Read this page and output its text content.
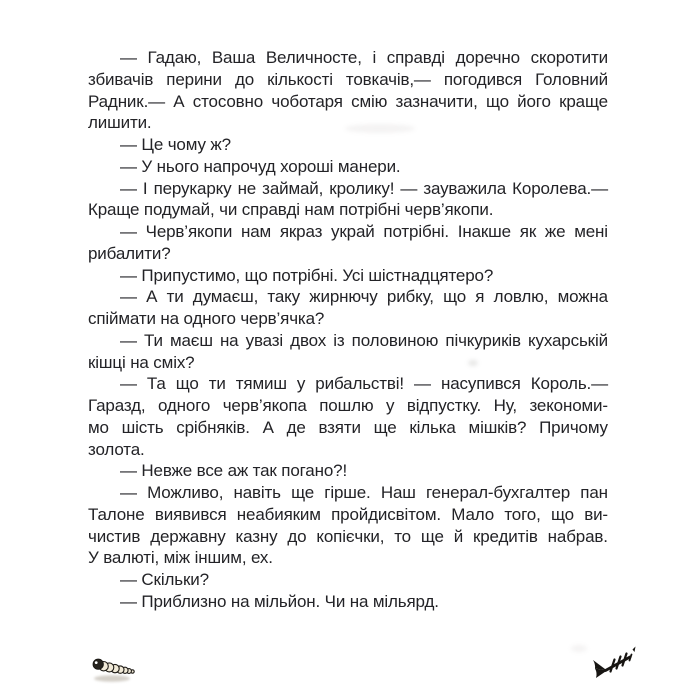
— Гадаю, Ваша Величносте, і справді доречно скоротити
збивачів перини до кількості товкачів,— погодився Головний
Радник.— А стосовно чоботаря смію зазначити, що його краще
лишити.
— Це чому ж?
— У нього напрочуд хороші манери.
— І перукарку не займай, кролику! — зауважила Королева.—
Краще подумай, чи справді нам потрібні черв’якопи.
— Черв’якопи нам якраз украй потрібні. Інакше як же мені
рибалити?
— Припустимо, що потрібні. Усі шістнадцятеро?
— А ти думаєш, таку жирнючу рибку, що я ловлю, можна
спіймати на одного черв’ячка?
— Ти маєш на увазі двох із половиною пічкуриків кухарській
кішці на сміх?
— Та що ти тямиш у рибальстві! — насупився Король.—
Гаразд, одного черв’якопа пошлю у відпустку. Ну, зекономи-
мо шість срібняків. А де взяти ще кілька мішків? Причому
золота.
— Невже все аж так погано?!
— Можливо, навіть ще гірше. Наш генерал-бухгалтер пан
Талоне виявився неабияким пройдисвітом. Мало того, що ви-
чистив державну казну до копієчки, то ще й кредитів набрав.
У валюті, між іншим, ех.
— Скільки?
— Приблизно на мільйон. Чи на мільярд.
